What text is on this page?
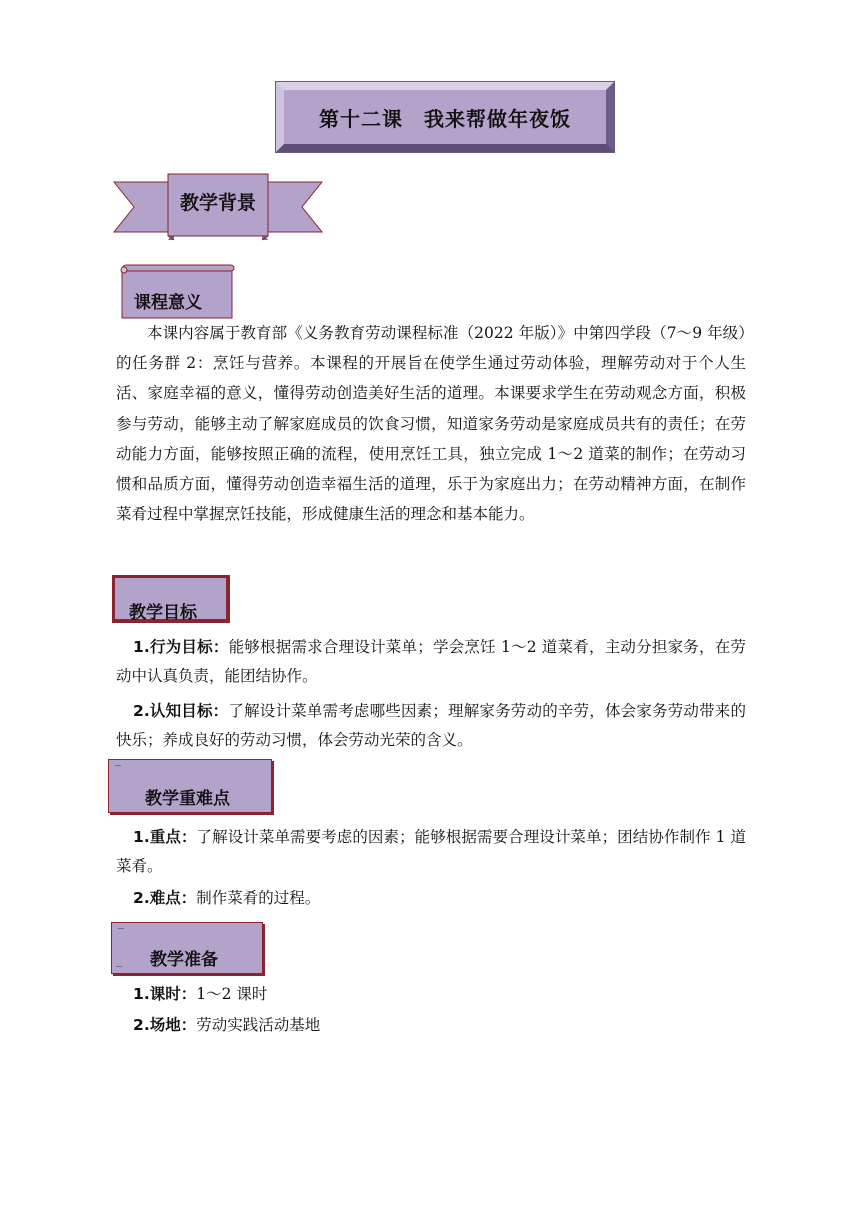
第十二课　我来帮做年夜饭
教学背景
课程意义

本课内容属于教育部《义务教育劳动课程标准（2022 年版）》中第四学段（7～9 年级）的任务群 2：烹饪与营养。本课程的开展旨在使学生通过劳动体验，理解劳动对于个人生活、家庭幸福的意义，懂得劳动创造美好生活的道理。本课要求学生在劳动观念方面，积极参与劳动，能够主动了解家庭成员的饮食习惯，知道家务劳动是家庭成员共有的责任；在劳动能力方面，能够按照正确的流程，使用烹饪工具，独立完成 1～2 道菜的制作；在劳动习惯和品质方面，懂得劳动创造幸福生活的道理，乐于为家庭出力；在劳动精神方面，在制作菜肴过程中掌握烹饪技能，形成健康生活的理念和基本能力。

教学目标

1.行为目标：能够根据需求合理设计菜单；学会烹饪 1～2 道菜肴，主动分担家务，在劳动中认真负责，能团结协作。

2.认知目标：了解设计菜单需考虑哪些因素；理解家务劳动的辛劳，体会家务劳动带来的快乐；养成良好的劳动习惯，体会劳动光荣的含义。

教学重难点

1.重点：了解设计菜单需要考虑的因素；能够根据需要合理设计菜单；团结协作制作 1 道菜肴。

2.难点：制作菜肴的过程。

教学准备

1.课时：1～2 课时

2.场地：劳动实践活动基地
